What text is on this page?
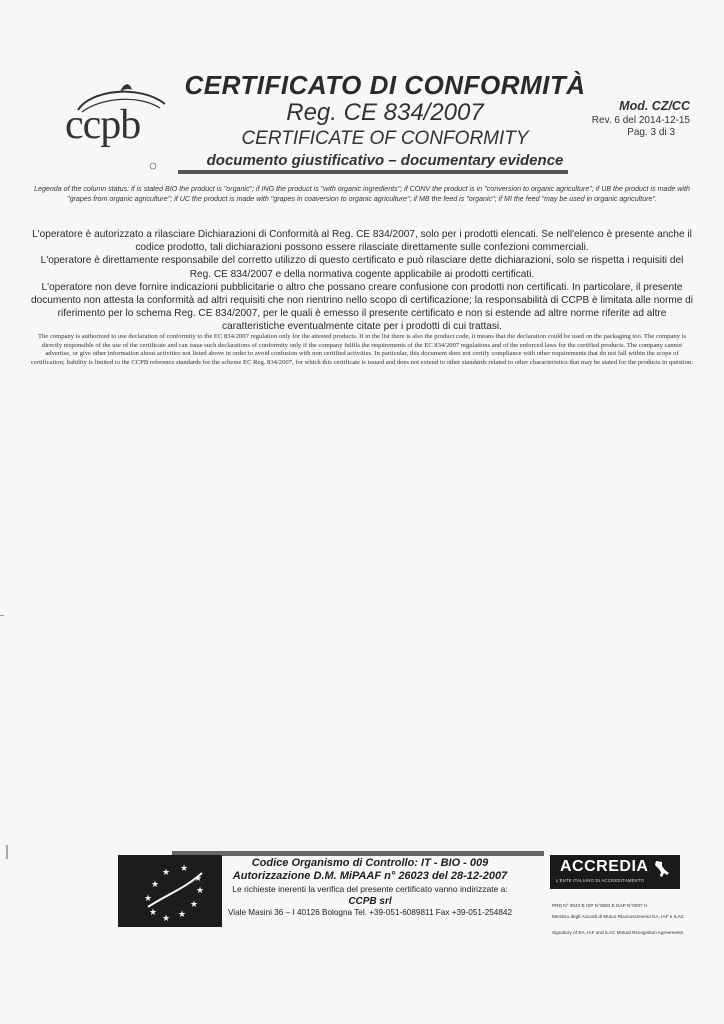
ccpb
CERTIFICATO DI CONFORMITÀ
Reg. CE 834/2007
CERTIFICATE OF CONFORMITY
documento giustificativo – documentary evidence
Mod. CZ/CC
Rev. 6 del 2014-12-15
Pag. 3 di 3
Legenda of the column status: if is stated BIO the product is "organic"; if ING the product is "with organic ingredients"; if CONV the product is in "conversion to organic agriculture"; if UB the product is made with "grapes from organic agriculture"; if UC the product is made with "grapes in coaversion to organic agriculture"; if MB the feed is "organic"; if MI the feed "may be used in organic agriculture".

L'operatore è autorizzato a rilasciare Dichiarazioni di Conformità al Reg. CE 834/2007, solo per i prodotti elencati. Se nell'elenco è presente anche il codice prodotto, tali dichiarazioni possono essere rilasciate direttamente sulle confezioni commerciali.

L'operatore è direttamente responsabile del corretto utilizzo di questo certificato e può rilasciare dette dichiarazioni, solo se rispetta i requisiti del Reg. CE 834/2007 e della normativa cogente applicabile ai prodotti certificati.

L'operatore non deve fornire indicazioni pubblicitarie o altro che possano creare confusione con prodotti non certificati. In particolare, il presente documento non attesta la conformità ad altri requisiti che non rientrino nello scopo di certificazione; la responsabilità di CCPB è limitata alle norme di riferimento per lo schema Reg. CE 834/2007, per le quali è emesso il presente certificato e non si estende ad altre norme riferite ad altre caratteristiche eventualmente citate per i prodotti di cui trattasi.

The company is authorized to use declaration of conformity to the EC 834/2007 regulation only for the attested products. If in the list there is also the product code, it means that the declaration could be used on the packaging too. The company is directly responsible of the use of the certificate and can issue such declarations of conformity only if the company fulfils the requirements of the EC 834/2007 regulations and of the enforced laws for the certified products. The company cannot advertise, or give other information about activities not listed above in order to avoid confusion with non certified activities. In particular, this document does not certify compliance with other requirements that do not fall within the scope of certification; liability is limited to the CCPB reference standards for the scheme EC Reg. 834/2007, for which this certificate is issued and does not extend to other standards related to other characteristics that may be stated for the products in question.
★ ★
★
★
★
★ ★
★
★
★
Codice Organismo di Controllo: IT - BIO - 009
Autorizzazione D.M. MiPAAF n° 26023 del 28-12-2007
Le richieste inerenti la verifica del presente certificato vanno indirizzate a:
CCPB srl
Viale Masini 36 – I 40126 Bologna Tel. +39-051-6089811 Fax +39-051-254842
ACCREDIA
L'ENTE ITALIANO DI ACCREDITAMENTO
PRD N° 0043 B ISP N°0083 E DAP N°0007 H
Membro degli Accordi di Mutuo Riconoscimento EA, IAF e ILAC
Signatory of EA, IAF and ILAC Mutual Recognition Agreements
